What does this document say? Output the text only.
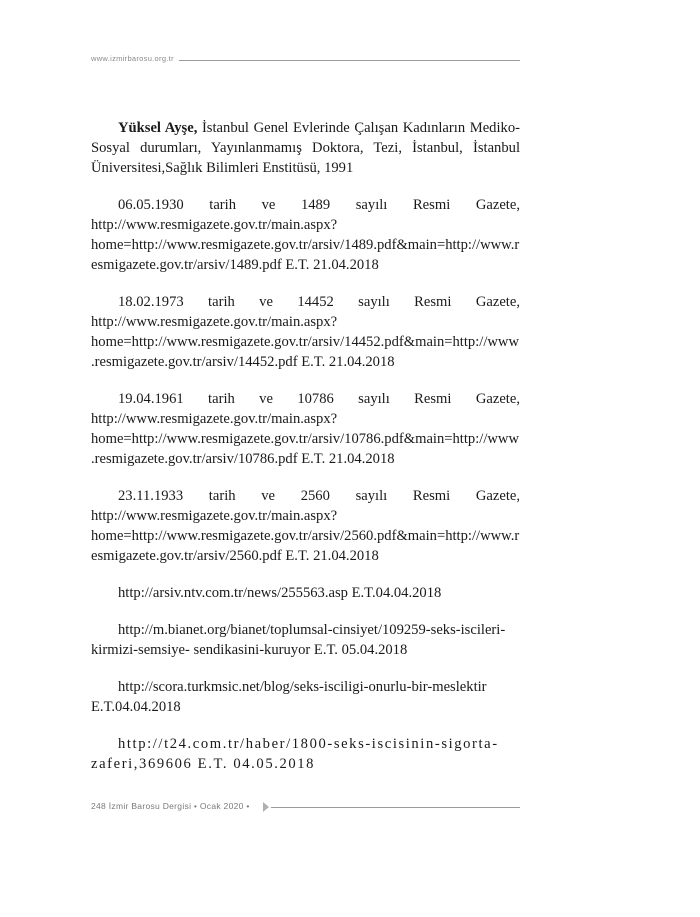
www.izmirbarosu.org.tr

Yüksel Ayşe, İstanbul Genel Evlerinde Çalışan Kadınların Mediko-Sosyal durumları, Yayınlanmamış Doktora, Tezi, İstanbul, İstanbul Üniversitesi,Sağlık Bilimleri Enstitüsü, 1991

06.05.1930 tarih ve 1489 sayılı Resmi Gazete, http://www.resmigazete.gov.tr/main.aspx?home=http://www.resmigazete.gov.tr/arsiv/1489.pdf&main=http://www.resmigazete.gov.tr/arsiv/1489.pdf E.T. 21.04.2018

18.02.1973 tarih ve 14452 sayılı Resmi Gazete, http://www.resmigazete.gov.tr/main.aspx?home=http://www.resmigazete.gov.tr/arsiv/14452.pdf&main=http://www.resmigazete.gov.tr/arsiv/14452.pdf E.T. 21.04.2018

19.04.1961 tarih ve 10786 sayılı Resmi Gazete, http://www.resmigazete.gov.tr/main.aspx?home=http://www.resmigazete.gov.tr/arsiv/10786.pdf&main=http://www.resmigazete.gov.tr/arsiv/10786.pdf E.T. 21.04.2018

23.11.1933 tarih ve 2560 sayılı Resmi Gazete, http://www.resmigazete.gov.tr/main.aspx?home=http://www.resmigazete.gov.tr/arsiv/2560.pdf&main=http://www.resmigazete.gov.tr/arsiv/2560.pdf E.T. 21.04.2018

http://arsiv.ntv.com.tr/news/255563.asp E.T.04.04.2018

http://m.bianet.org/bianet/toplumsal-cinsiyet/109259-seks-iscileri-kirmizi-semsiye- sendikasini-kuruyor E.T. 05.04.2018

http://scora.turkmsic.net/blog/seks-isciligi-onurlu-bir-meslektir E.T.04.04.2018

http://t24.com.tr/haber/1800-seks-iscisinin-sigorta-zaferi,369606 E.T. 04.05.2018

248 İzmir Barosu Dergisi • Ocak 2020 •
